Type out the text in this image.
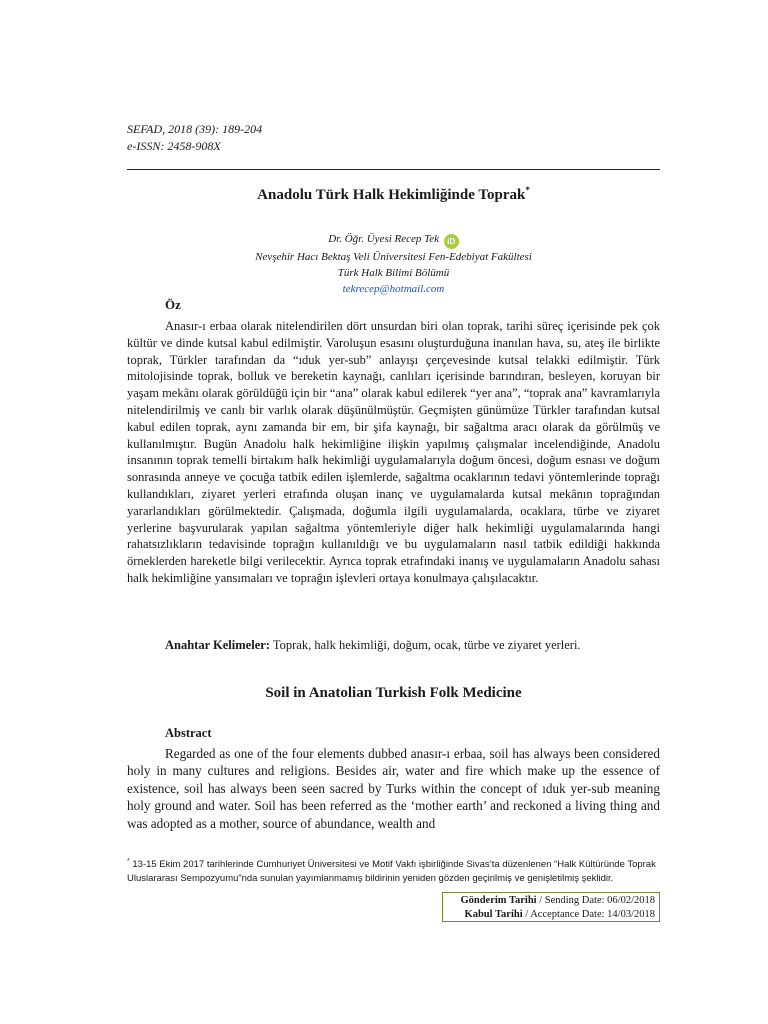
SEFAD, 2018 (39): 189-204
e-ISSN: 2458-908X
Anadolu Türk Halk Hekimliğinde Toprak*
Dr. Öğr. Üyesi Recep Tek iD
Nevşehir Hacı Bektaş Veli Üniversitesi Fen-Edebiyat Fakültesi
Türk Halk Bilimi Bölümü
tekrecep@hotmail.com
Öz

Anasır-ı erbaa olarak nitelendirilen dört unsurdan biri olan toprak, tarihi süreç içerisinde pek çok kültür ve dinde kutsal kabul edilmiştir. Varoluşun esasını oluşturduğuna inanılan hava, su, ateş ile birlikte toprak, Türkler tarafından da “ıduk yer-sub” anlayışı çerçevesinde kutsal telakki edilmiştir. Türk mitolojisinde toprak, bolluk ve bereketin kaynağı, canlıları içerisinde barındıran, besleyen, koruyan bir yaşam mekânı olarak görüldüğü için bir “ana” olarak kabul edilerek “yer ana”, “toprak ana” kavramlarıyla nitelendirilmiş ve canlı bir varlık olarak düşünülmüştür. Geçmişten günümüze Türkler tarafından kutsal kabul edilen toprak, aynı zamanda bir em, bir şifa kaynağı, bir sağaltma aracı olarak da görülmüş ve kullanılmıştır. Bugün Anadolu halk hekimliğine ilişkin yapılmış çalışmalar incelendiğinde, Anadolu insanının toprak temelli birtakım halk hekimliği uygulamalarıyla doğum öncesi, doğum esnası ve doğum sonrasında anneye ve çocuğa tatbik edilen işlemlerde, sağaltma ocaklarının tedavi yöntemlerinde toprağı kullandıkları, ziyaret yerleri etrafında oluşan inanç ve uygulamalarda kutsal mekânın toprağından yararlandıkları görülmektedir. Çalışmada, doğumla ilgili uygulamalarda, ocaklara, türbe ve ziyaret yerlerine başvurularak yapılan sağaltma yöntemleriyle diğer halk hekimliği uygulamalarında hangi rahatsızlıkların tedavisinde toprağın kullanıldığı ve bu uygulamaların nasıl tatbik edildiği hakkında örneklerden hareketle bilgi verilecektir. Ayrıca toprak etrafındaki inanış ve uygulamaların Anadolu sahası halk hekimliğine yansımaları ve toprağın işlevleri ortaya konulmaya çalışılacaktır.

Anahtar Kelimeler: Toprak, halk hekimliği, doğum, ocak, türbe ve ziyaret yerleri.
Soil in Anatolian Turkish Folk Medicine
Abstract

Regarded as one of the four elements dubbed anasır-ı erbaa, soil has always been considered holy in many cultures and religions. Besides air, water and fire which make up the essence of existence, soil has always been seen sacred by Turks within the concept of ıduk yer-sub meaning holy ground and water. Soil has been referred as the ‘mother earth’ and reckoned a living thing and was adopted as a mother, source of abundance, wealth and

* 13-15 Ekim 2017 tarihlerinde Cumhuriyet Üniversitesi ve Motif Vakfı işbirliğinde Sivas’ta düzenlenen “Halk Kültüründe Toprak Uluslararası Sempozyumu”nda sunulan yayımlanmamış bildirinin yeniden gözden geçirilmiş ve genişletilmiş şeklidir.
Gönderim Tarihi / Sending Date: 06/02/2018
Kabul Tarihi / Acceptance Date: 14/03/2018
